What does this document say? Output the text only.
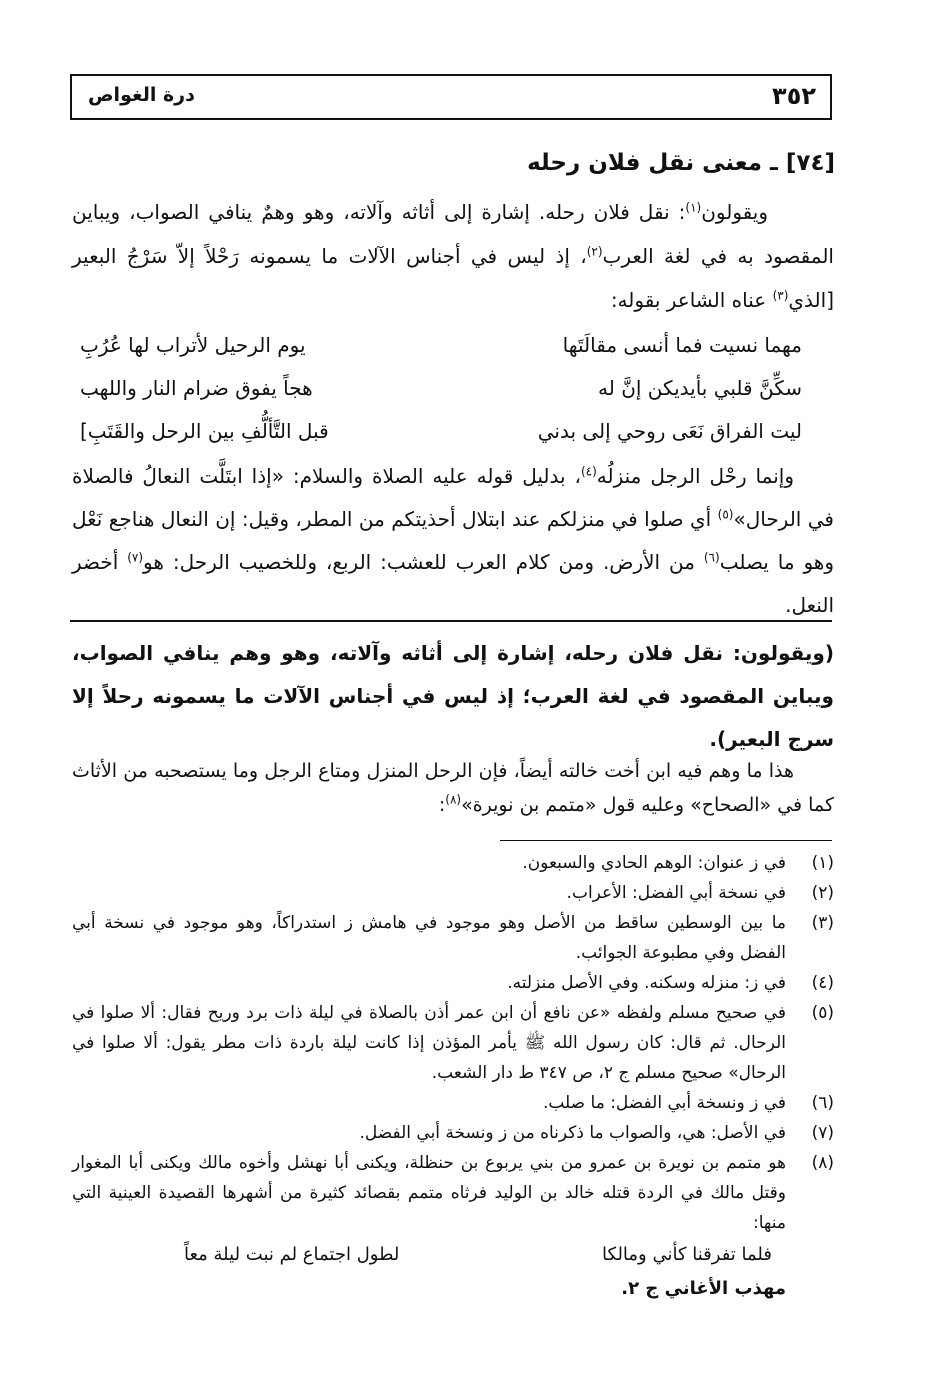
٣٥٢
درة الغواص
[٧٤] ـ معنى نقل فلان رحله
ويقولون$^{(١)}$: نقل فلان رحله. إشارة إلى أثاثه وآلاته، وهو وهمٌ ينافي الصواب، ويباين المقصود به في لغة العرب$^{(٢)}$، إذ ليس في أجناس الآلات ما يسمونه رَحْلاً إلاّ سَرْجُ البعير [الذي$^{(٣)}$ عناه الشاعر بقوله:
مهما نسيت فما أنسى مقالَتَها
يوم الرحيل لأتراب لها عُرُبِ
سكِّنَّ قلبي بأيديكن إنَّ له
هجاً يفوق ضرام النار واللهب
ليت الفراق نَعَى روحي إلى بدني
قبل التَّألُّفِ بين الرحل والقَتَبِ]
وإنما رحْل الرجل منزلُه$^{(٤)}$، بدليل قوله عليه الصلاة والسلام: «إذا ابتَلَّت النعالُ فالصلاة في الرحال»$^{(٥)}$ أي صلوا في منزلكم عند ابتلال أحذيتكم من المطر، وقيل: إن النعال هناجع نَعْل وهو ما يصلب$^{(٦)}$ من الأرض. ومن كلام العرب للعشب: الربع، وللخصيب الرحل: هو$^{(٧)}$ أخضر النعل.
(ويقولون: نقل فلان رحله، إشارة إلى أثاثه وآلاته، وهو وهم ينافي الصواب، ويباين المقصود في لغة العرب؛ إذ ليس في أجناس الآلات ما يسمونه رحلاً إلا سرج البعير).
هذا ما وهم فيه ابن أخت خالته أيضاً، فإن الرحل المنزل ومتاع الرجل وما يستصحبه من الأثاث كما في «الصحاح» وعليه قول «متمم بن نويرة»$^{(٨)}$:
(١)
في ز عنوان: الوهم الحادي والسبعون.
(٢)
في نسخة أبي الفضل: الأعراب.
(٣)
ما بين الوسطين ساقط من الأصل وهو موجود في هامش ز استدراكاً، وهو موجود في نسخة أبي الفضل وفي مطبوعة الجوائب.
(٤)
في ز: منزله وسكنه. وفي الأصل منزلته.
(٥)
في صحيح مسلم ولفظه «عن نافع أن ابن عمر أذن بالصلاة في ليلة ذات برد وريح فقال: ألا صلوا في الرحال. ثم قال: كان رسول الله ﷺ يأمر المؤذن إذا كانت ليلة باردة ذات مطر يقول: ألا صلوا في الرحال» صحيح مسلم ج ٢، ص ٣٤٧ ط دار الشعب.
(٦)
في ز ونسخة أبي الفضل: ما صلب.
(٧)
في الأصل: هي، والصواب ما ذكرناه من ز ونسخة أبي الفضل.
(٨)
هو متمم بن نويرة بن عمرو من بني يربوع بن حنظلة، ويكنى أبا نهشل وأخوه مالك ويكنى أبا المغوار وقتل مالك في الردة قتله خالد بن الوليد فرثاه متمم بقصائد كثيرة من أشهرها القصيدة العينية التي منها:
فلما تفرقنا كأني ومالكا
لطول اجتماع لم نبت ليلة معاً
مهذب الأغاني ج ٢.
